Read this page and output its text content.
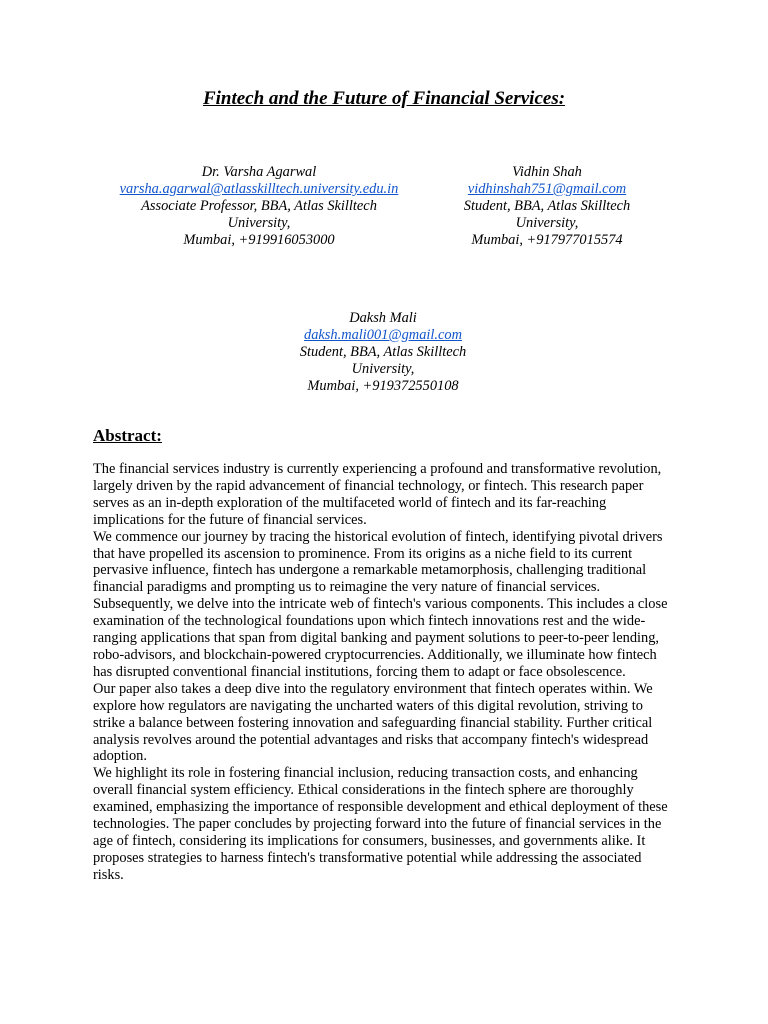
Fintech and the Future of Financial Services:
Dr. Varsha Agarwal
varsha.agarwal@atlasskilltech.university.edu.in
Associate Professor, BBA, Atlas Skilltech
University,
Mumbai, +919916053000
Vidhin Shah
vidhinshah751@gmail.com
Student, BBA, Atlas Skilltech
University,
Mumbai, +917977015574
Daksh Mali
daksh.mali001@gmail.com
Student, BBA, Atlas Skilltech
University,
Mumbai, +919372550108
Abstract:

The financial services industry is currently experiencing a profound and transformative revolution, largely driven by the rapid advancement of financial technology, or fintech. This research paper serves as an in-depth exploration of the multifaceted world of fintech and its far-reaching implications for the future of financial services.

We commence our journey by tracing the historical evolution of fintech, identifying pivotal drivers that have propelled its ascension to prominence. From its origins as a niche field to its current pervasive influence, fintech has undergone a remarkable metamorphosis, challenging traditional financial paradigms and prompting us to reimagine the very nature of financial services.

Subsequently, we delve into the intricate web of fintech's various components. This includes a close examination of the technological foundations upon which fintech innovations rest and the wide-ranging applications that span from digital banking and payment solutions to peer-to-peer lending, robo-advisors, and blockchain-powered cryptocurrencies. Additionally, we illuminate how fintech has disrupted conventional financial institutions, forcing them to adapt or face obsolescence.

Our paper also takes a deep dive into the regulatory environment that fintech operates within. We explore how regulators are navigating the uncharted waters of this digital revolution, striving to strike a balance between fostering innovation and safeguarding financial stability. Further critical analysis revolves around the potential advantages and risks that accompany fintech's widespread adoption.

We highlight its role in fostering financial inclusion, reducing transaction costs, and enhancing overall financial system efficiency. Ethical considerations in the fintech sphere are thoroughly examined, emphasizing the importance of responsible development and ethical deployment of these technologies. The paper concludes by projecting forward into the future of financial services in the age of fintech, considering its implications for consumers, businesses, and governments alike. It proposes strategies to harness fintech's transformative potential while addressing the associated risks.
